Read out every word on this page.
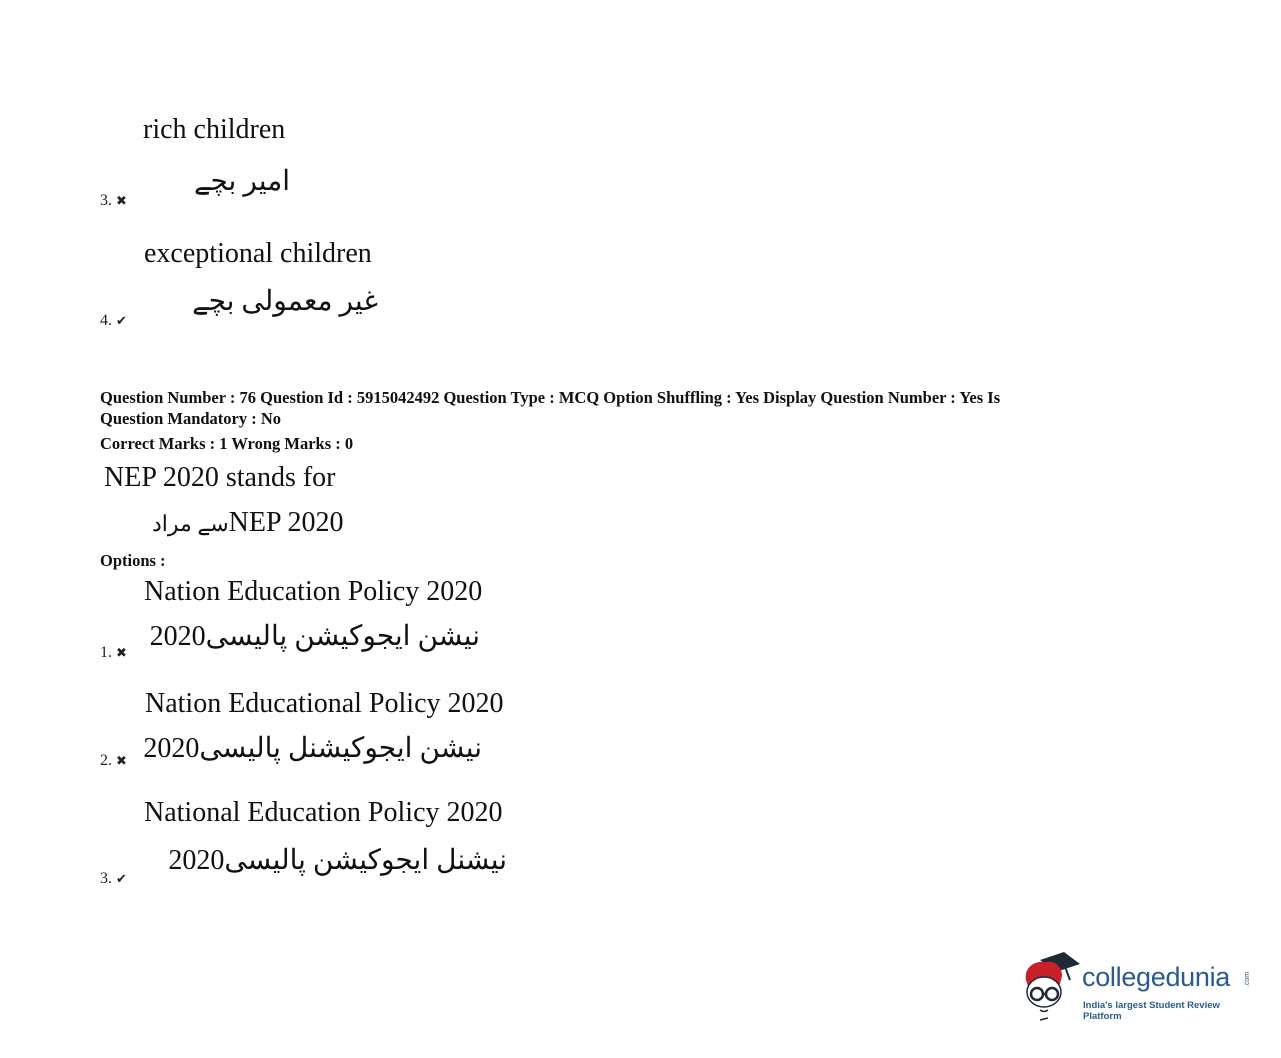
rich children
امیر بچے
3. ✖
exceptional children
غیر معمولی بچے
4. ✔
Question Number : 76 Question Id : 5915042492 Question Type : MCQ Option Shuffling : Yes Display Question Number : Yes Is
Question Mandatory : No
Correct Marks : 1 Wrong Marks : 0
NEP 2020 stands for
سے مرادNEP 2020
Options :
Nation Education Policy 2020
نیشن ایجوکیشن پالیسی2020
1. ✖
Nation Educational Policy 2020
نیشن ایجوکیشنل پالیسی2020
2. ✖
National Education Policy 2020
نیشنل ایجوکیشن پالیسی2020
3. ✔
collegedunia .com
India's largest Student Review Platform
